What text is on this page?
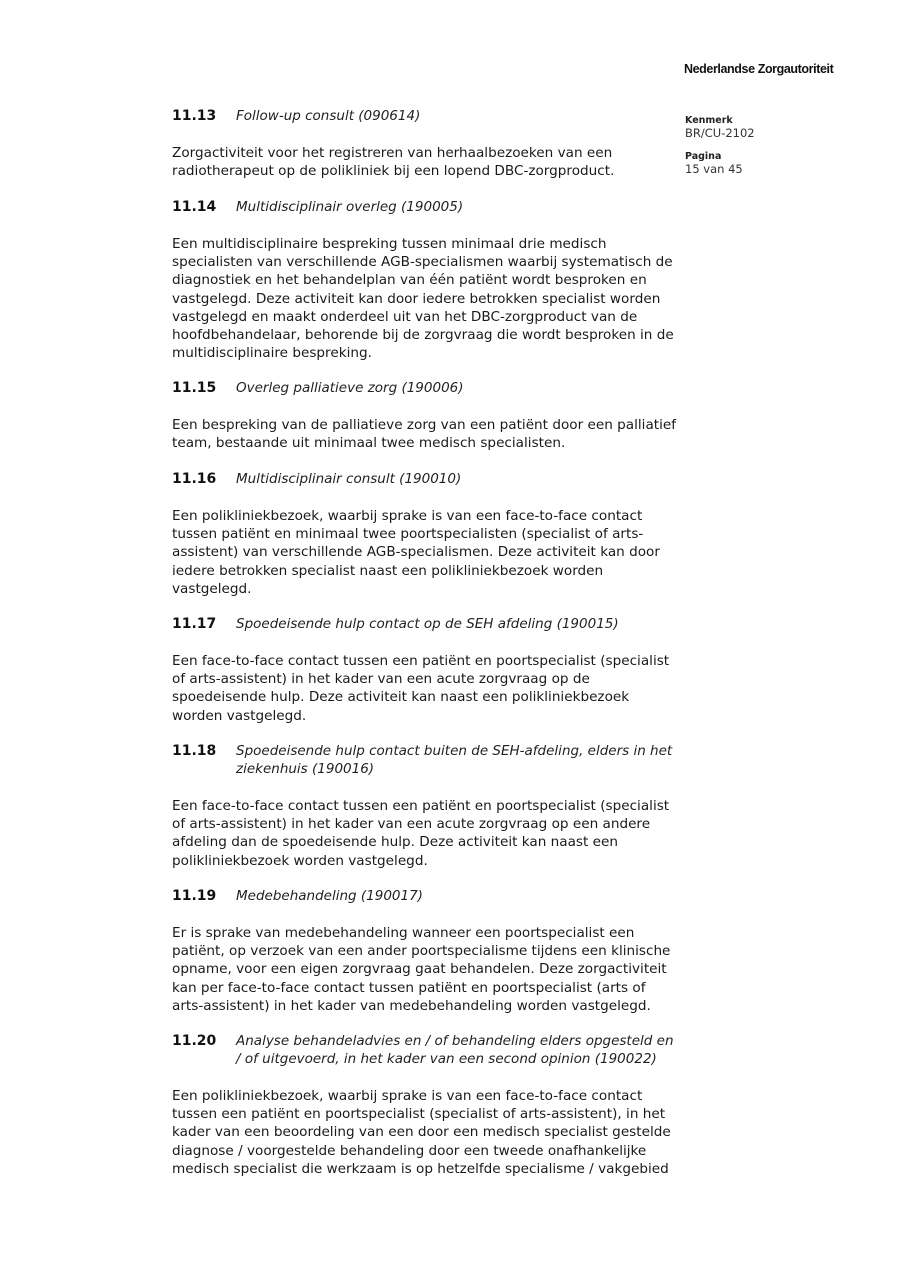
Nederlandse Zorgautoriteit
Kenmerk
BR/CU-2102
Pagina
15 van 45
11.13 Follow-up consult (090614)
Zorgactiviteit voor het registreren van herhaalbezoeken van een
radiotherapeut op de polikliniek bij een lopend DBC-zorgproduct.
11.14 Multidisciplinair overleg (190005)
Een multidisciplinaire bespreking tussen minimaal drie medisch
specialisten van verschillende AGB-specialismen waarbij systematisch de
diagnostiek en het behandelplan van één patiënt wordt besproken en
vastgelegd. Deze activiteit kan door iedere betrokken specialist worden
vastgelegd en maakt onderdeel uit van het DBC-zorgproduct van de
hoofdbehandelaar, behorende bij de zorgvraag die wordt besproken in de
multidisciplinaire bespreking.
11.15 Overleg palliatieve zorg (190006)
Een bespreking van de palliatieve zorg van een patiënt door een palliatief
team, bestaande uit minimaal twee medisch specialisten.
11.16 Multidisciplinair consult (190010)
Een polikliniekbezoek, waarbij sprake is van een face-to-face contact
tussen patiënt en minimaal twee poortspecialisten (specialist of arts-
assistent) van verschillende AGB-specialismen. Deze activiteit kan door
iedere betrokken specialist naast een polikliniekbezoek worden
vastgelegd.
11.17 Spoedeisende hulp contact op de SEH afdeling (190015)
Een face-to-face contact tussen een patiënt en poortspecialist (specialist
of arts-assistent) in het kader van een acute zorgvraag op de
spoedeisende hulp. Deze activiteit kan naast een polikliniekbezoek
worden vastgelegd.
11.18 Spoedeisende hulp contact buiten de SEH-afdeling, elders in het
ziekenhuis (190016)
Een face-to-face contact tussen een patiënt en poortspecialist (specialist
of arts-assistent) in het kader van een acute zorgvraag op een andere
afdeling dan de spoedeisende hulp. Deze activiteit kan naast een
polikliniekbezoek worden vastgelegd.
11.19 Medebehandeling (190017)
Er is sprake van medebehandeling wanneer een poortspecialist een
patiënt, op verzoek van een ander poortspecialisme tijdens een klinische
opname, voor een eigen zorgvraag gaat behandelen. Deze zorgactiviteit
kan per face-to-face contact tussen patiënt en poortspecialist (arts of
arts-assistent) in het kader van medebehandeling worden vastgelegd.
11.20 Analyse behandeladvies en / of behandeling elders opgesteld en
/ of uitgevoerd, in het kader van een second opinion (190022)
Een polikliniekbezoek, waarbij sprake is van een face-to-face contact
tussen een patiënt en poortspecialist (specialist of arts-assistent), in het
kader van een beoordeling van een door een medisch specialist gestelde
diagnose / voorgestelde behandeling door een tweede onafhankelijke
medisch specialist die werkzaam is op hetzelfde specialisme / vakgebied
